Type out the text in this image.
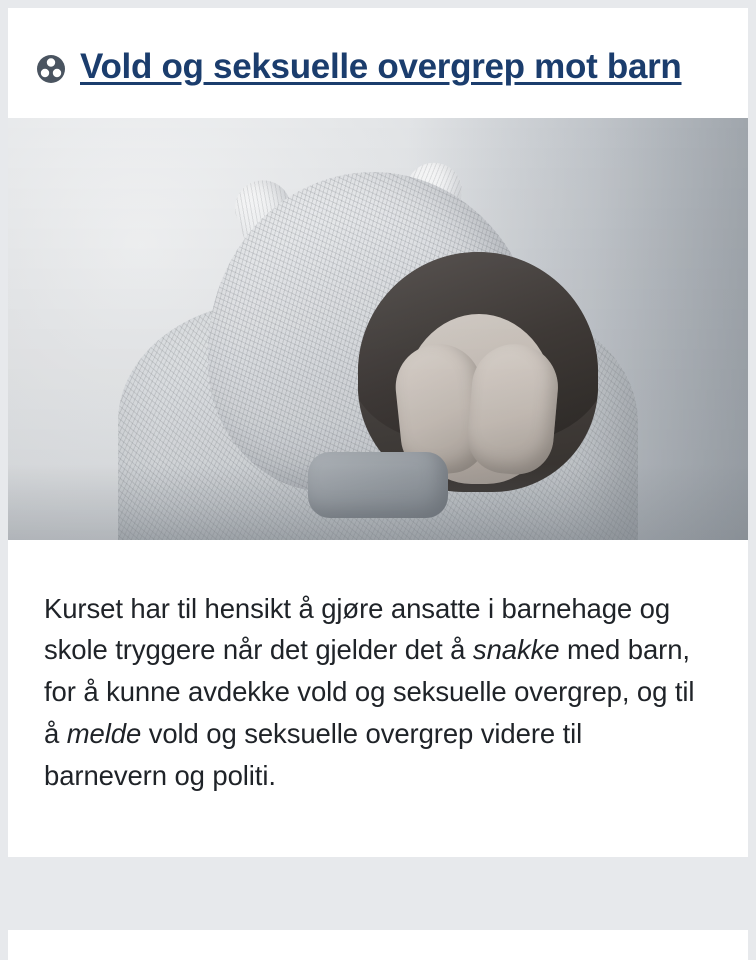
Vold og seksuelle overgrep mot barn
Kurset har til hensikt å gjøre ansatte i barnehage og skole tryggere når det gjelder det å snakke med barn, for å kunne avdekke vold og seksuelle overgrep, og til å melde vold og seksuelle overgrep videre til barnevern og politi.
